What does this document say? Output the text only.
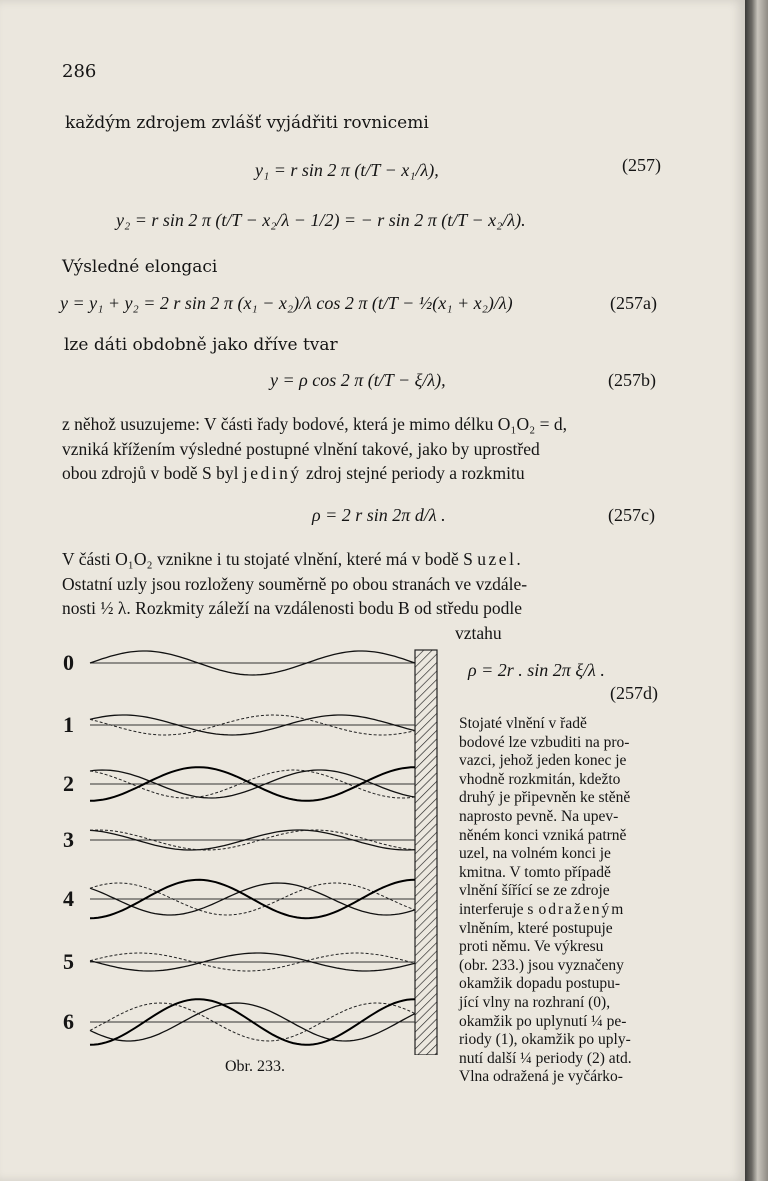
286
každým zdrojem zvlášť vyjádřiti rovnicemi
y₁ = r sin 2 π (t/T − x₁/λ),	(257)
y₂ = r sin 2 π (t/T − x₂/λ − 1/2) = − r sin 2 π (t/T − x₂/λ).
Výsledné elongaci
y = y₁ + y₂ = 2 r sin 2 π (x₁ − x₂)/λ cos 2 π (t/T − ½(x₁ + x₂)/λ)	(257a)
lze dáti obdobně jako dříve tvar
y = ρ cos 2 π (t/T − ξ/λ),	(257b)
z něhož usuzujeme: V části řady bodové, která je mimo délku O₁O₂ = d,
vzniká křížením výsledné postupné vlnění takové, jako by uprostřed
obou zdrojů v bodě S byl jediný zdroj stejné periody a rozkmitu
ρ = 2 r sin 2π d/λ .	(257c)
V části O₁O₂ vznikne i tu stojaté vlnění, které má v bodě S uzel.
Ostatní uzly jsou rozloženy souměrně po obou stranách ve vzdále-
nosti ½ λ. Rozkmity záleží na vzdálenosti bodu B od středu podle
vztahu
ρ = 2r . sin 2π ξ/λ .
(257d)
0
1
2
3
4
5
6
Obr. 233.
Stojaté vlnění v řadě
bodové lze vzbuditi na pro-
vazci, jehož jeden konec je
vhodně rozkmitán, kdežto
druhý je připevněn ke stěně
naprosto pevně. Na upev-
něném konci vzniká patrně
uzel, na volném konci je
kmitna. V tomto případě
vlnění šířící se ze zdroje
interferuje s odraženým

vlněním, které postupuje
proti němu. Ve výkresu
(obr. 233.) jsou vyznačeny
okamžik dopadu postupu-
jící vlny na rozhraní (0),
okamžik po uplynutí ¼ pe-
riody (1), okamžik po uply-
nutí další ¼ periody (2) atd.
Vlna odražená je vyčárko-
